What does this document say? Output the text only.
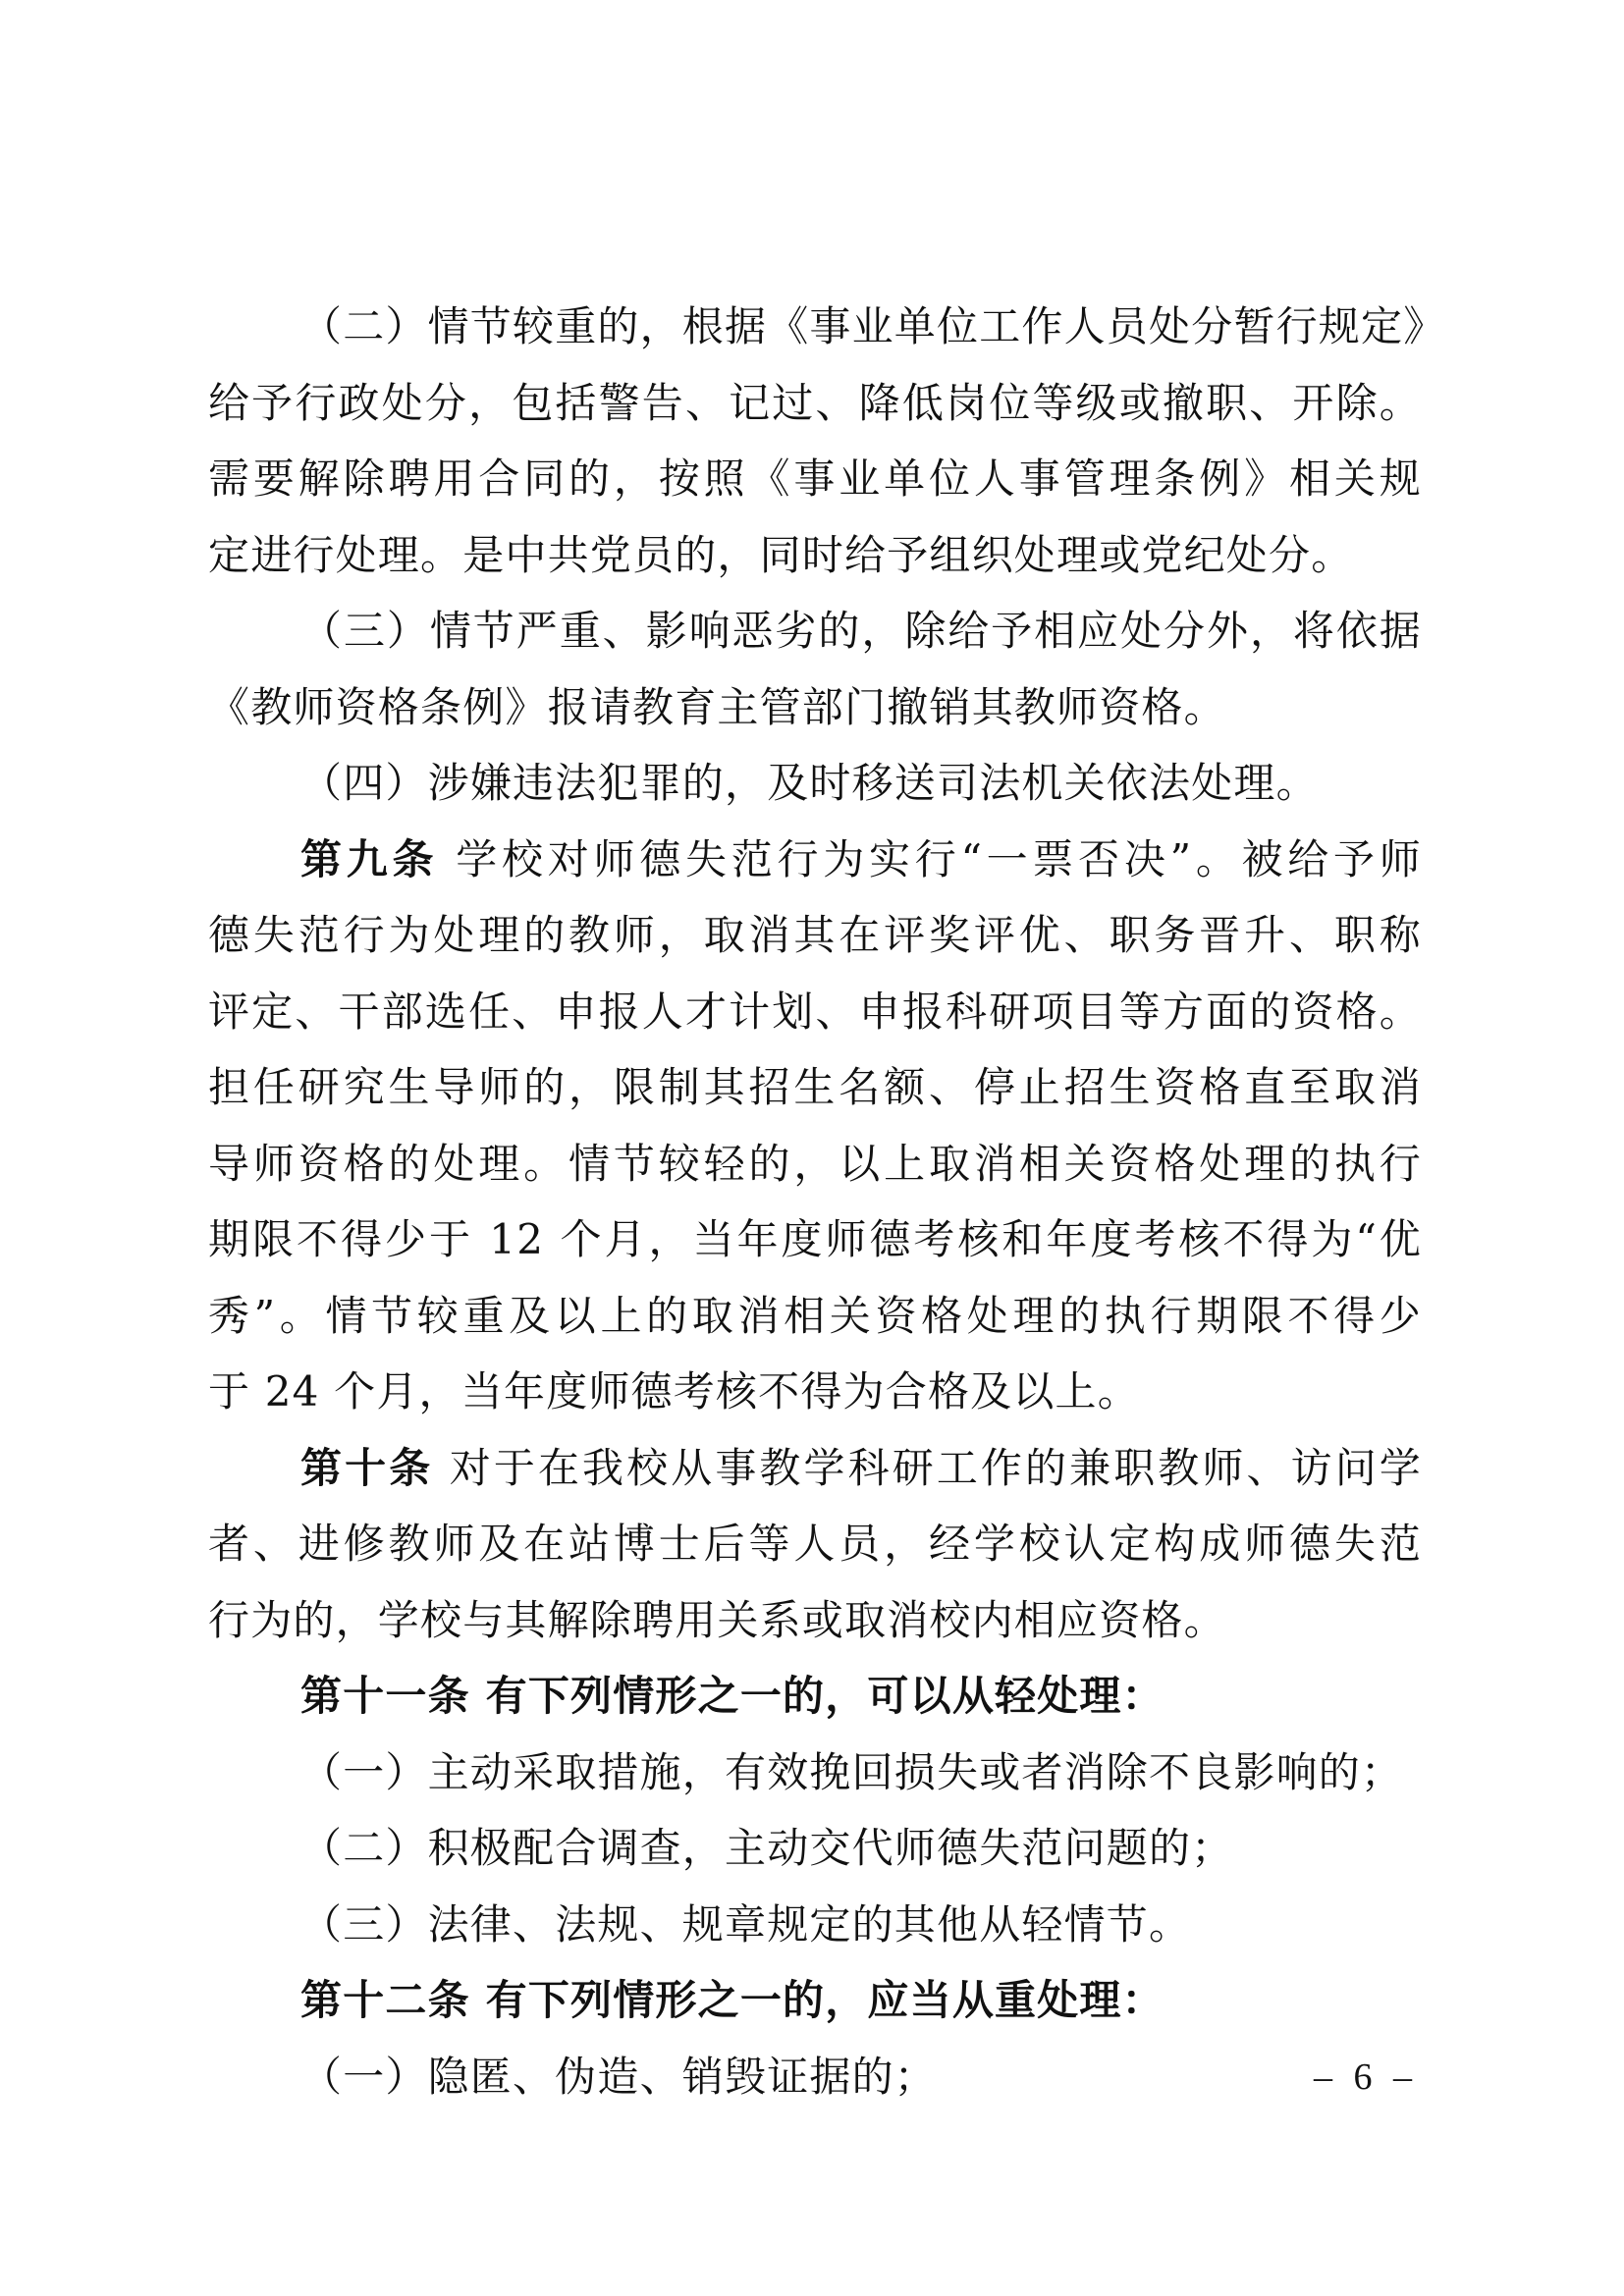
（二）情节较重的，根据《事业单位工作人员处分暂行规定》
给予行政处分，包括警告、记过、降低岗位等级或撤职、开除。
需要解除聘用合同的，按照《事业单位人事管理条例》相关规
定进行处理。是中共党员的，同时给予组织处理或党纪处分。
（三）情节严重、影响恶劣的，除给予相应处分外，将依据
《教师资格条例》报请教育主管部门撤销其教师资格。
（四）涉嫌违法犯罪的，及时移送司法机关依法处理。
第九条 学校对师德失范行为实行“一票否决”。被给予师
德失范行为处理的教师，取消其在评奖评优、职务晋升、职称
评定、干部选任、申报人才计划、申报科研项目等方面的资格。
担任研究生导师的，限制其招生名额、停止招生资格直至取消
导师资格的处理。情节较轻的，以上取消相关资格处理的执行
期限不得少于 12 个月，当年度师德考核和年度考核不得为“优
秀”。情节较重及以上的取消相关资格处理的执行期限不得少
于 24 个月，当年度师德考核不得为合格及以上。
第十条 对于在我校从事教学科研工作的兼职教师、访问学
者、进修教师及在站博士后等人员，经学校认定构成师德失范
行为的，学校与其解除聘用关系或取消校内相应资格。
第十一条 有下列情形之一的，可以从轻处理：
（一）主动采取措施，有效挽回损失或者消除不良影响的；
（二）积极配合调查，主动交代师德失范问题的；
（三）法律、法规、规章规定的其他从轻情节。
第十二条 有下列情形之一的，应当从重处理：
（一）隐匿、伪造、销毁证据的；	– 6 –
